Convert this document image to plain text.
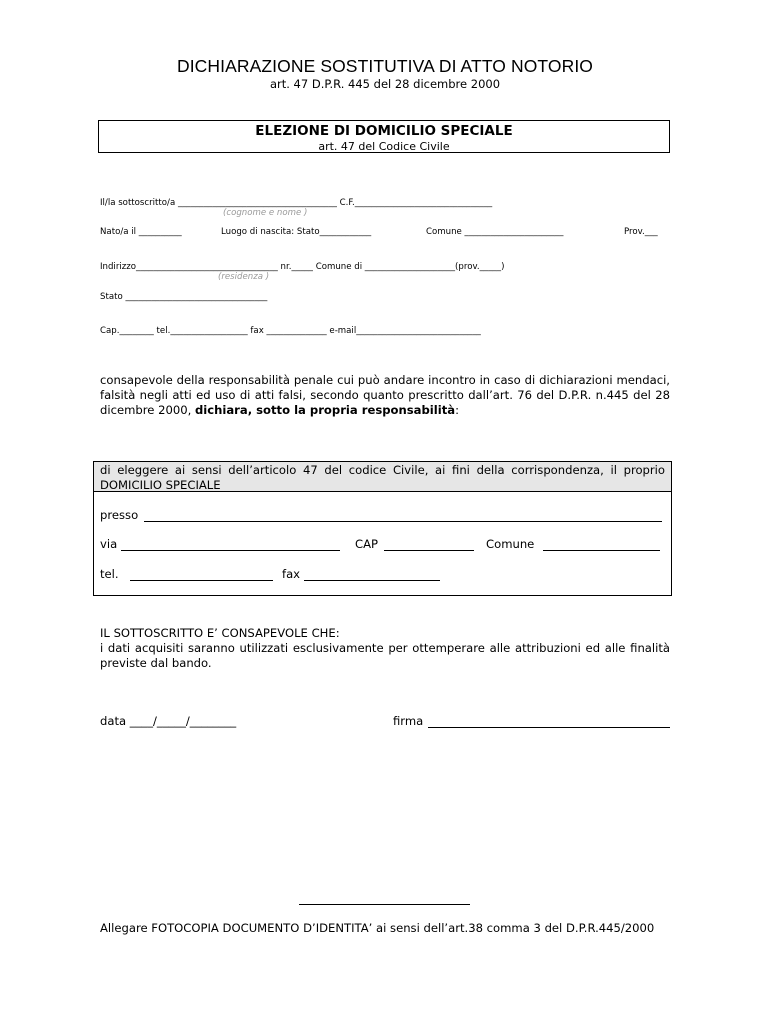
DICHIARAZIONE SOSTITUTIVA DI ATTO NOTORIO
art. 47 D.P.R. 445 del 28 dicembre 2000
ELEZIONE DI DOMICILIO SPECIALE
art. 47 del Codice Civile
Il/la sottoscritto/a _____________________________________ C.F.________________________________
(cognome e nome )
Nato/a il __________	Luogo di nascita: Stato____________	Comune _______________________	Prov.___
Indirizzo_________________________________ nr._____ Comune di _____________________(prov._____)
(residenza )
Stato _________________________________
Cap.________ tel.__________________ fax ______________ e-mail_____________________________
consapevole della responsabilità penale cui può andare incontro in caso di dichiarazioni mendaci, falsità negli atti ed uso di atti falsi, secondo quanto prescritto dall’art. 76 del D.P.R. n.445 del 28 dicembre 2000, dichiara, sotto la propria responsabilità:
di eleggere ai sensi dell’articolo 47 del codice Civile, ai fini della corrispondenza, il proprio DOMICILIO SPECIALE
presso
via	CAP	Comune
tel.	fax
IL SOTTOSCRITTO E’ CONSAPEVOLE CHE:
i dati acquisiti saranno utilizzati esclusivamente per ottemperare alle attribuzioni ed alle finalità previste dal bando.
data ____/_____/________	firma
Allegare FOTOCOPIA DOCUMENTO D’IDENTITA’ ai sensi dell’art.38 comma 3 del D.P.R.445/2000
